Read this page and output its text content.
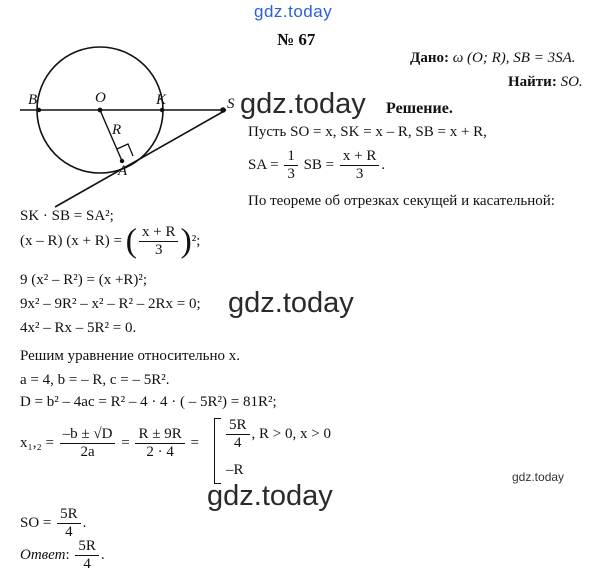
gdz.today
№ 67
Дано: ω (O; R), SB = 3SA.
Найти: SO.
B	O	K	S
R
A
gdz.today Решение.
Пусть SO = x, SK = x – R, SB = x + R,
SA = $\frac{1}{3}$ SB = $\frac{x + R}{3}$ .
По теореме об отрезках секущей и касательной:
SK · SB = SA²;
(x – R) (x + R) = ( $\frac{x + R}{3} )^2$;
9 (x² – R²) = (x +R)²;
9x² – 9R² – x² – R² – 2Rx = 0; gdz.today
4x² – Rx – 5R² = 0.
Решим уравнение относительно x.
a = 4, b = – R, c = – 5R².
D = b² – 4ac = R² – 4 · 4 · ( – 5R²) = 81R²;
$x_1,_2 = \frac{-b \pm √D}{2a} = \frac{R \pm 9R}{2 \cdot 4} = \frac{5R}{4}$ , R > 0, x > 0
–R	gdz.today
gdz.today
SO = $\frac{5R}{4}$ .
Ответ: $\frac{5R}{4}$ .
